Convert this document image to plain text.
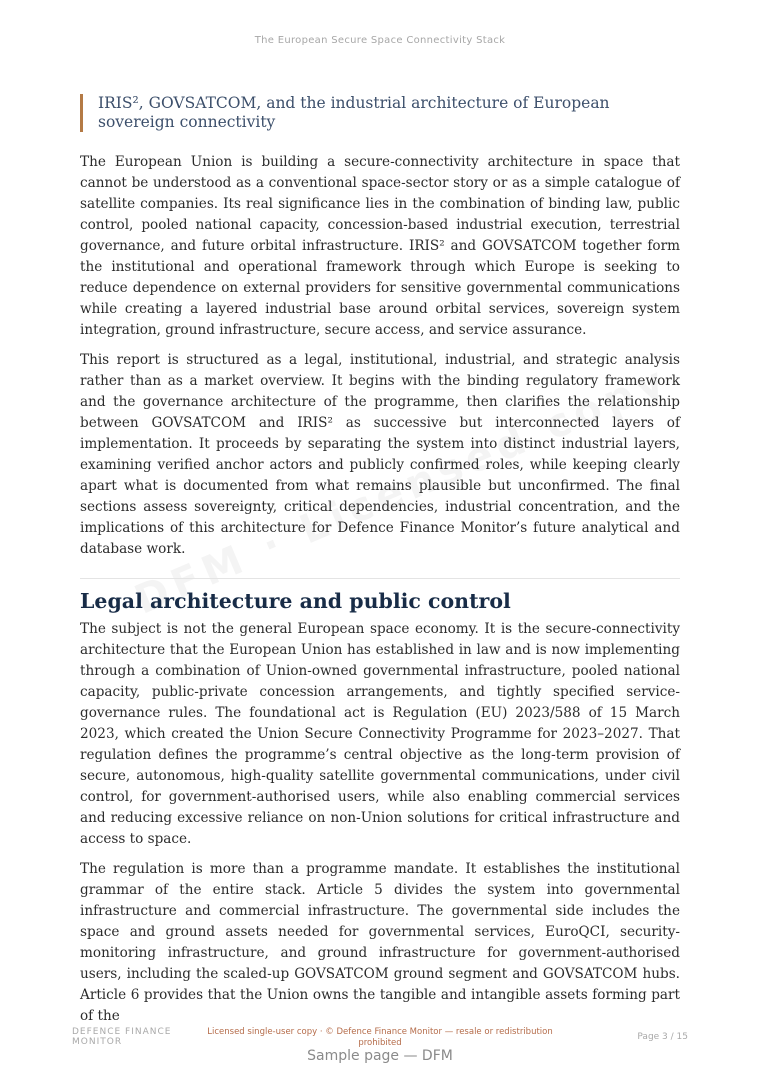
The European Secure Space Connectivity Stack
IRIS², GOVSATCOM, and the industrial architecture of European sovereign connectivity

The European Union is building a secure-connectivity architecture in space that cannot be understood as a conventional space-sector story or as a simple catalogue of satellite companies. Its real significance lies in the combination of binding law, public control, pooled national capacity, concession-based industrial execution, terrestrial governance, and future orbital infrastructure. IRIS² and GOVSATCOM together form the institutional and operational framework through which Europe is seeking to reduce dependence on external providers for sensitive governmental communications while creating a layered industrial base around orbital services, sovereign system integration, ground infrastructure, secure access, and service assurance.

This report is structured as a legal, institutional, industrial, and strategic analysis rather than as a market overview. It begins with the binding regulatory framework and the governance architecture of the programme, then clarifies the relationship between GOVSATCOM and IRIS² as successive but interconnected layers of implementation. It proceeds by separating the system into distinct industrial layers, examining verified anchor actors and publicly confirmed roles, while keeping clearly apart what is documented from what remains plausible but unconfirmed. The final sections assess sovereignty, critical dependencies, industrial concentration, and the implications of this architecture for Defence Finance Monitor’s future analytical and database work.

Legal architecture and public control

The subject is not the general European space economy. It is the secure-connectivity architecture that the European Union has established in law and is now implementing through a combination of Union-owned governmental infrastructure, pooled national capacity, public-private concession arrangements, and tightly specified service-governance rules. The foundational act is Regulation (EU) 2023/588 of 15 March 2023, which created the Union Secure Connectivity Programme for 2023–2027. That regulation defines the programme’s central objective as the long-term provision of secure, autonomous, high-quality satellite governmental communications, under civil control, for government-authorised users, while also enabling commercial services and reducing excessive reliance on non-Union solutions for critical infrastructure and access to space.

The regulation is more than a programme mandate. It establishes the institutional grammar of the entire stack. Article 5 divides the system into governmental infrastructure and commercial infrastructure. The governmental side includes the space and ground assets needed for governmental services, EuroQCI, security-monitoring infrastructure, and ground infrastructure for government-authorised users, including the scaled-up GOVSATCOM ground segment and GOVSATCOM hubs. Article 6 provides that the Union owns the tangible and intangible assets forming part of the

DEFENCE FINANCE MONITOR
Licensed single-user copy · © Defence Finance Monitor — resale or redistribution prohibited
Page 3 / 15
Sample page — DFM
